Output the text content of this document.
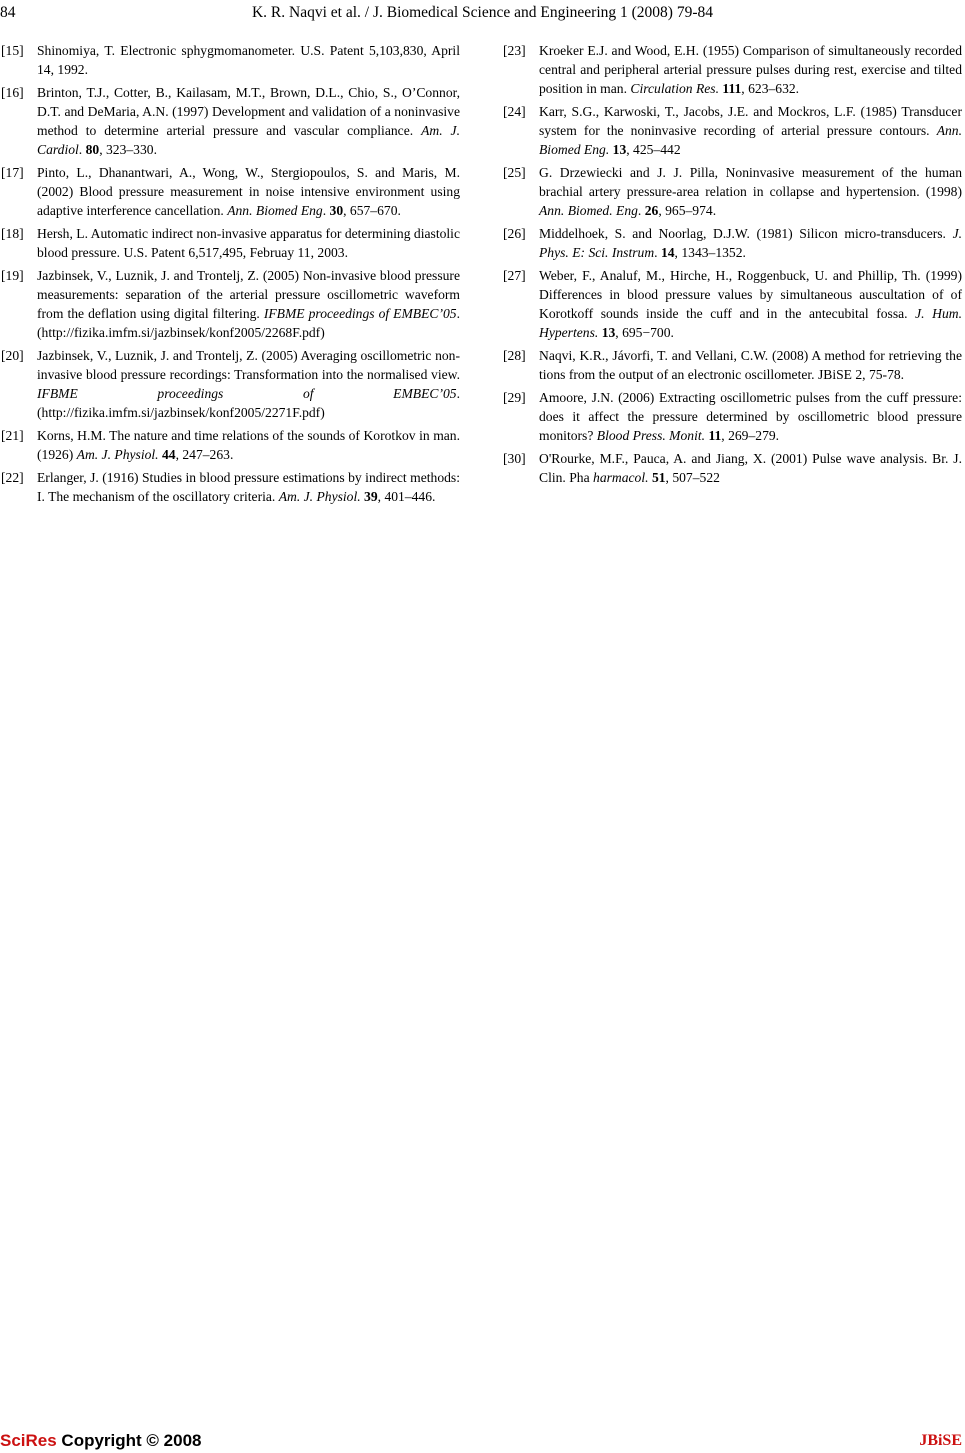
84	K. R. Naqvi et al. / J. Biomedical Science and Engineering 1 (2008) 79-84
[15] Shinomiya, T. Electronic sphygmomanometer. U.S. Patent 5,103,830, April 14, 1992.
[16] Brinton, T.J., Cotter, B., Kailasam, M.T., Brown, D.L., Chio, S., O’Connor, D.T. and DeMaria, A.N. (1997) Development and validation of a noninvasive method to determine arterial pressure and vascular compliance. Am. J. Cardiol. 80, 323–330.
[17] Pinto, L., Dhanantwari, A., Wong, W., Stergiopoulos, S. and Maris, M. (2002) Blood pressure measurement in noise intensive environment using adaptive interference cancellation. Ann. Biomed Eng. 30, 657–670.
[18] Hersh, L. Automatic indirect non-invasive apparatus for determining diastolic blood pressure. U.S. Patent 6,517,495, Februay 11, 2003.
[19] Jazbinsek, V., Luznik, J. and Trontelj, Z. (2005) Non-invasive blood pressure measurements: separation of the arterial pressure oscillometric waveform from the deflation using digital filtering. IFBME proceedings of EMBEC’05. (http://fizika.imfm.si/jazbinsek/konf2005/2268F.pdf)
[20] Jazbinsek, V., Luznik, J. and Trontelj, Z. (2005) Averaging oscillometric non-invasive blood pressure recordings: Transformation into the normalised view. IFBME proceedings of EMBEC’05. (http://fizika.imfm.si/jazbinsek/konf2005/2271F.pdf)
[21] Korns, H.M. The nature and time relations of the sounds of Korotkov in man. (1926) Am. J. Physiol. 44, 247–263.
[22] Erlanger, J. (1916) Studies in blood pressure estimations by indirect methods: I. The mechanism of the oscillatory criteria. Am. J. Physiol. 39, 401–446.
[23] Kroeker E.J. and Wood, E.H. (1955) Comparison of simultaneously recorded central and peripheral arterial pressure pulses during rest, exercise and tilted position in man. Circulation Res. 111, 623–632.
[24] Karr, S.G., Karwoski, T., Jacobs, J.E. and Mockros, L.F. (1985) Transducer system for the noninvasive recording of arterial pressure contours. Ann. Biomed Eng. 13, 425–442
[25] G. Drzewiecki and J. J. Pilla, Noninvasive measurement of the human brachial artery pressure-area relation in collapse and hypertension. (1998) Ann. Biomed. Eng. 26, 965–974.
[26] Middelhoek, S. and Noorlag, D.J.W. (1981) Silicon micro-transducers. J. Phys. E: Sci. Instrum. 14, 1343–1352.
[27] Weber, F., Analuf, M., Hirche, H., Roggenbuck, U. and Phillip, Th. (1999) Differences in blood pressure values by simultaneous auscultation of of Korotkoff sounds inside the cuff and in the antecubital fossa. J. Hum. Hypertens. 13, 695−700.
[28] Naqvi, K.R., Jávorfi, T. and Vellani, C.W. (2008) A method for retrieving the tions from the output of an electronic oscillometer. JBiSE 2, 75-78.
[29] Amoore, J.N. (2006) Extracting oscillometric pulses from the cuff pressure: does it affect the pressure determined by oscillometric blood pressure monitors? Blood Press. Monit. 11, 269–279.
[30] O'Rourke, M.F., Pauca, A. and Jiang, X. (2001) Pulse wave analysis. Br. J. Clin. Pha harmacol. 51, 507–522
SciRes Copyright © 2008	JBiSE
